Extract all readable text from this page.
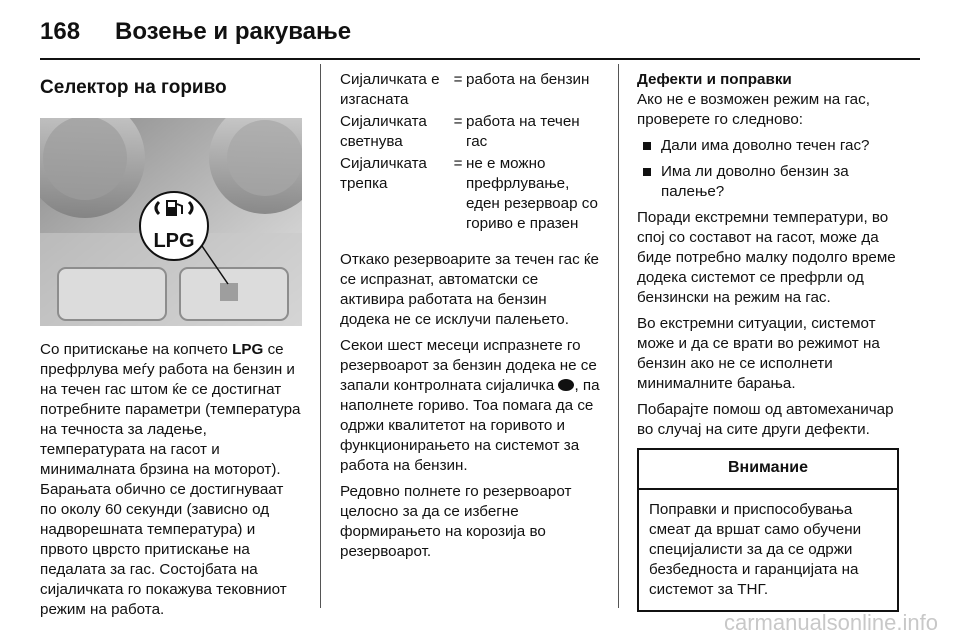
168 Возење и ракување
Селектор на гориво
LPG

Со притискање на копчето LPG се префрлува меѓу работа на бензин и на течен гас штом ќе се достигнат потребните параметри (температура на течноста за ладење, температурата на гасот и минималната брзина на моторот). Барањата обично се достигнуваат по околу 60 секунди (зависно од надворешната температура) и првото цврсто притискање на педалата за гас. Состојбата на сијаличката го покажува тековниот режим на работа.

Сијаличката е изгасната
= работа на бензин
Сијаличката светнува
= работа на течен гас
Сијаличката трепка
= не е можно префрлување, еден резервоар со гориво е празен

Откако резервоарите за течен гас ќе се испразнат, автоматски се активира работата на бензин додека не се исклучи палењето.

Секои шест месеци испразнете го резервоарот за бензин додека не се запали контролната сијаличка , па наполнете гориво. Тоа помага да се одржи квалитетот на горивото и функционирањето на системот за работа на бензин.

Редовно полнете го резервоарот целосно за да се избегне формирањето на корозија во резервоарот.

Дефекти и поправки

Ако не е возможен режим на гас, проверете го следново:

Дали има доволно течен гас?
Има ли доволно бензин за палење?

Поради екстремни температури, во спој со составот на гасот, може да биде потребно малку подолго време додека системот се префрли од бензински на режим на гас.

Во екстремни ситуации, системот може и да се врати во режимот на бензин ако не се исполнети минималните барања.

Побарајте помош од автомеханичар во случај на сите други дефекти.

Внимание
Поправки и приспособувања смеат да вршат само обучени специјалисти за да се одржи безбедноста и гаранцијата на системот за ТНГ.
carmanualsonline.info
